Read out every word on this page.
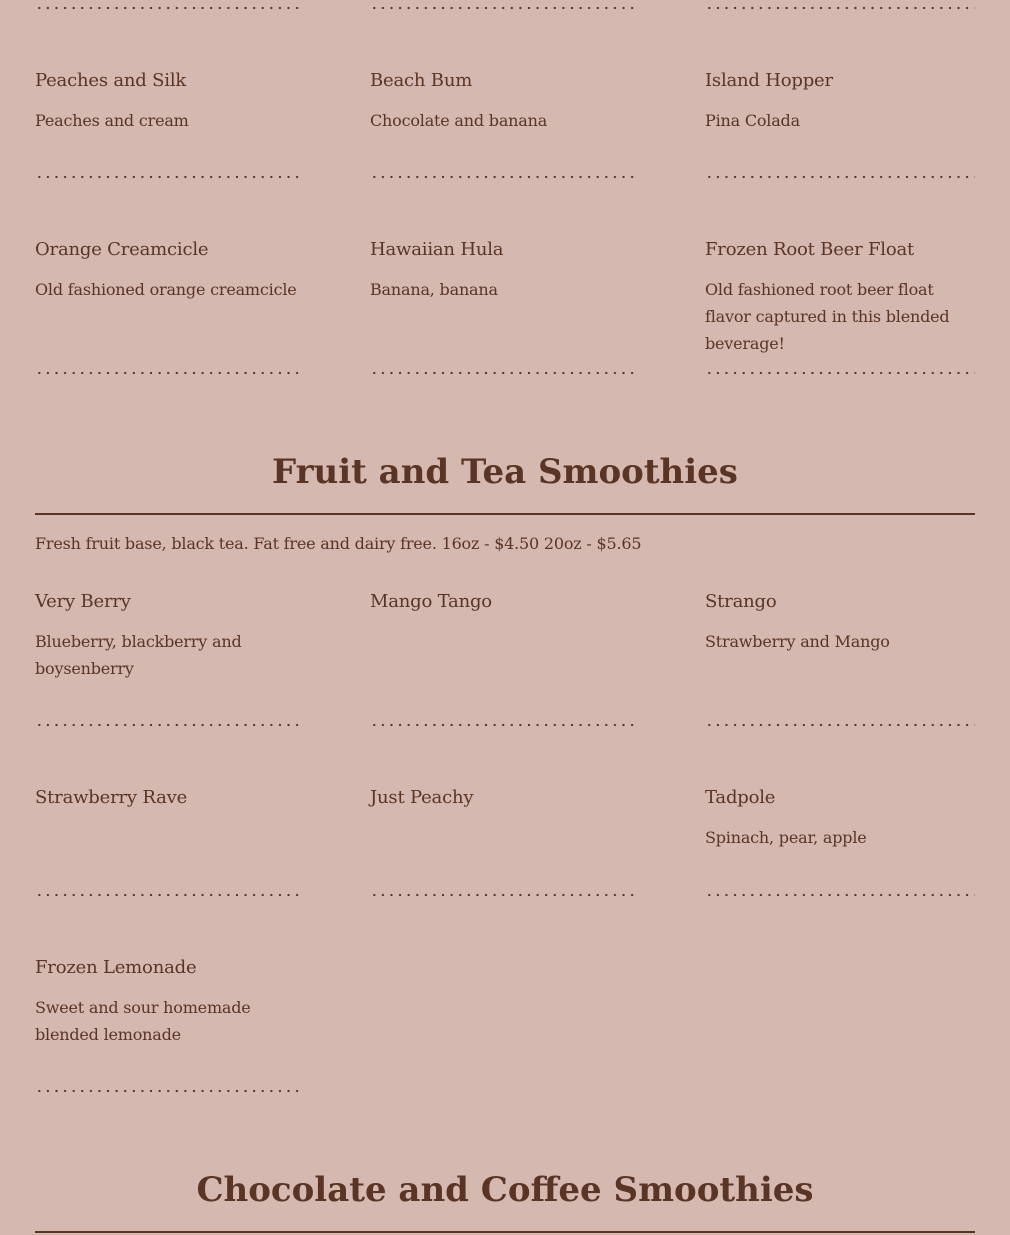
Peaches and Silk

Peaches and cream

Beach Bum

Chocolate and banana

Island Hopper

Pina Colada

Orange Creamcicle

Old fashioned orange creamcicle

Hawaiian Hula

Banana, banana

Frozen Root Beer Float

Old fashioned root beer float flavor captured in this blended beverage!

Fruit and Tea Smoothies

Fresh fruit base, black tea. Fat free and dairy free. 16oz - $4.50 20oz - $5.65

Very Berry

Blueberry, blackberry and boysenberry

Mango Tango	Strango

Strawberry and Mango

Strawberry Rave	Just Peachy	Tadpole

Spinach, pear, apple

Frozen Lemonade

Sweet and sour homemade blended lemonade

Chocolate and Coffee Smoothies
